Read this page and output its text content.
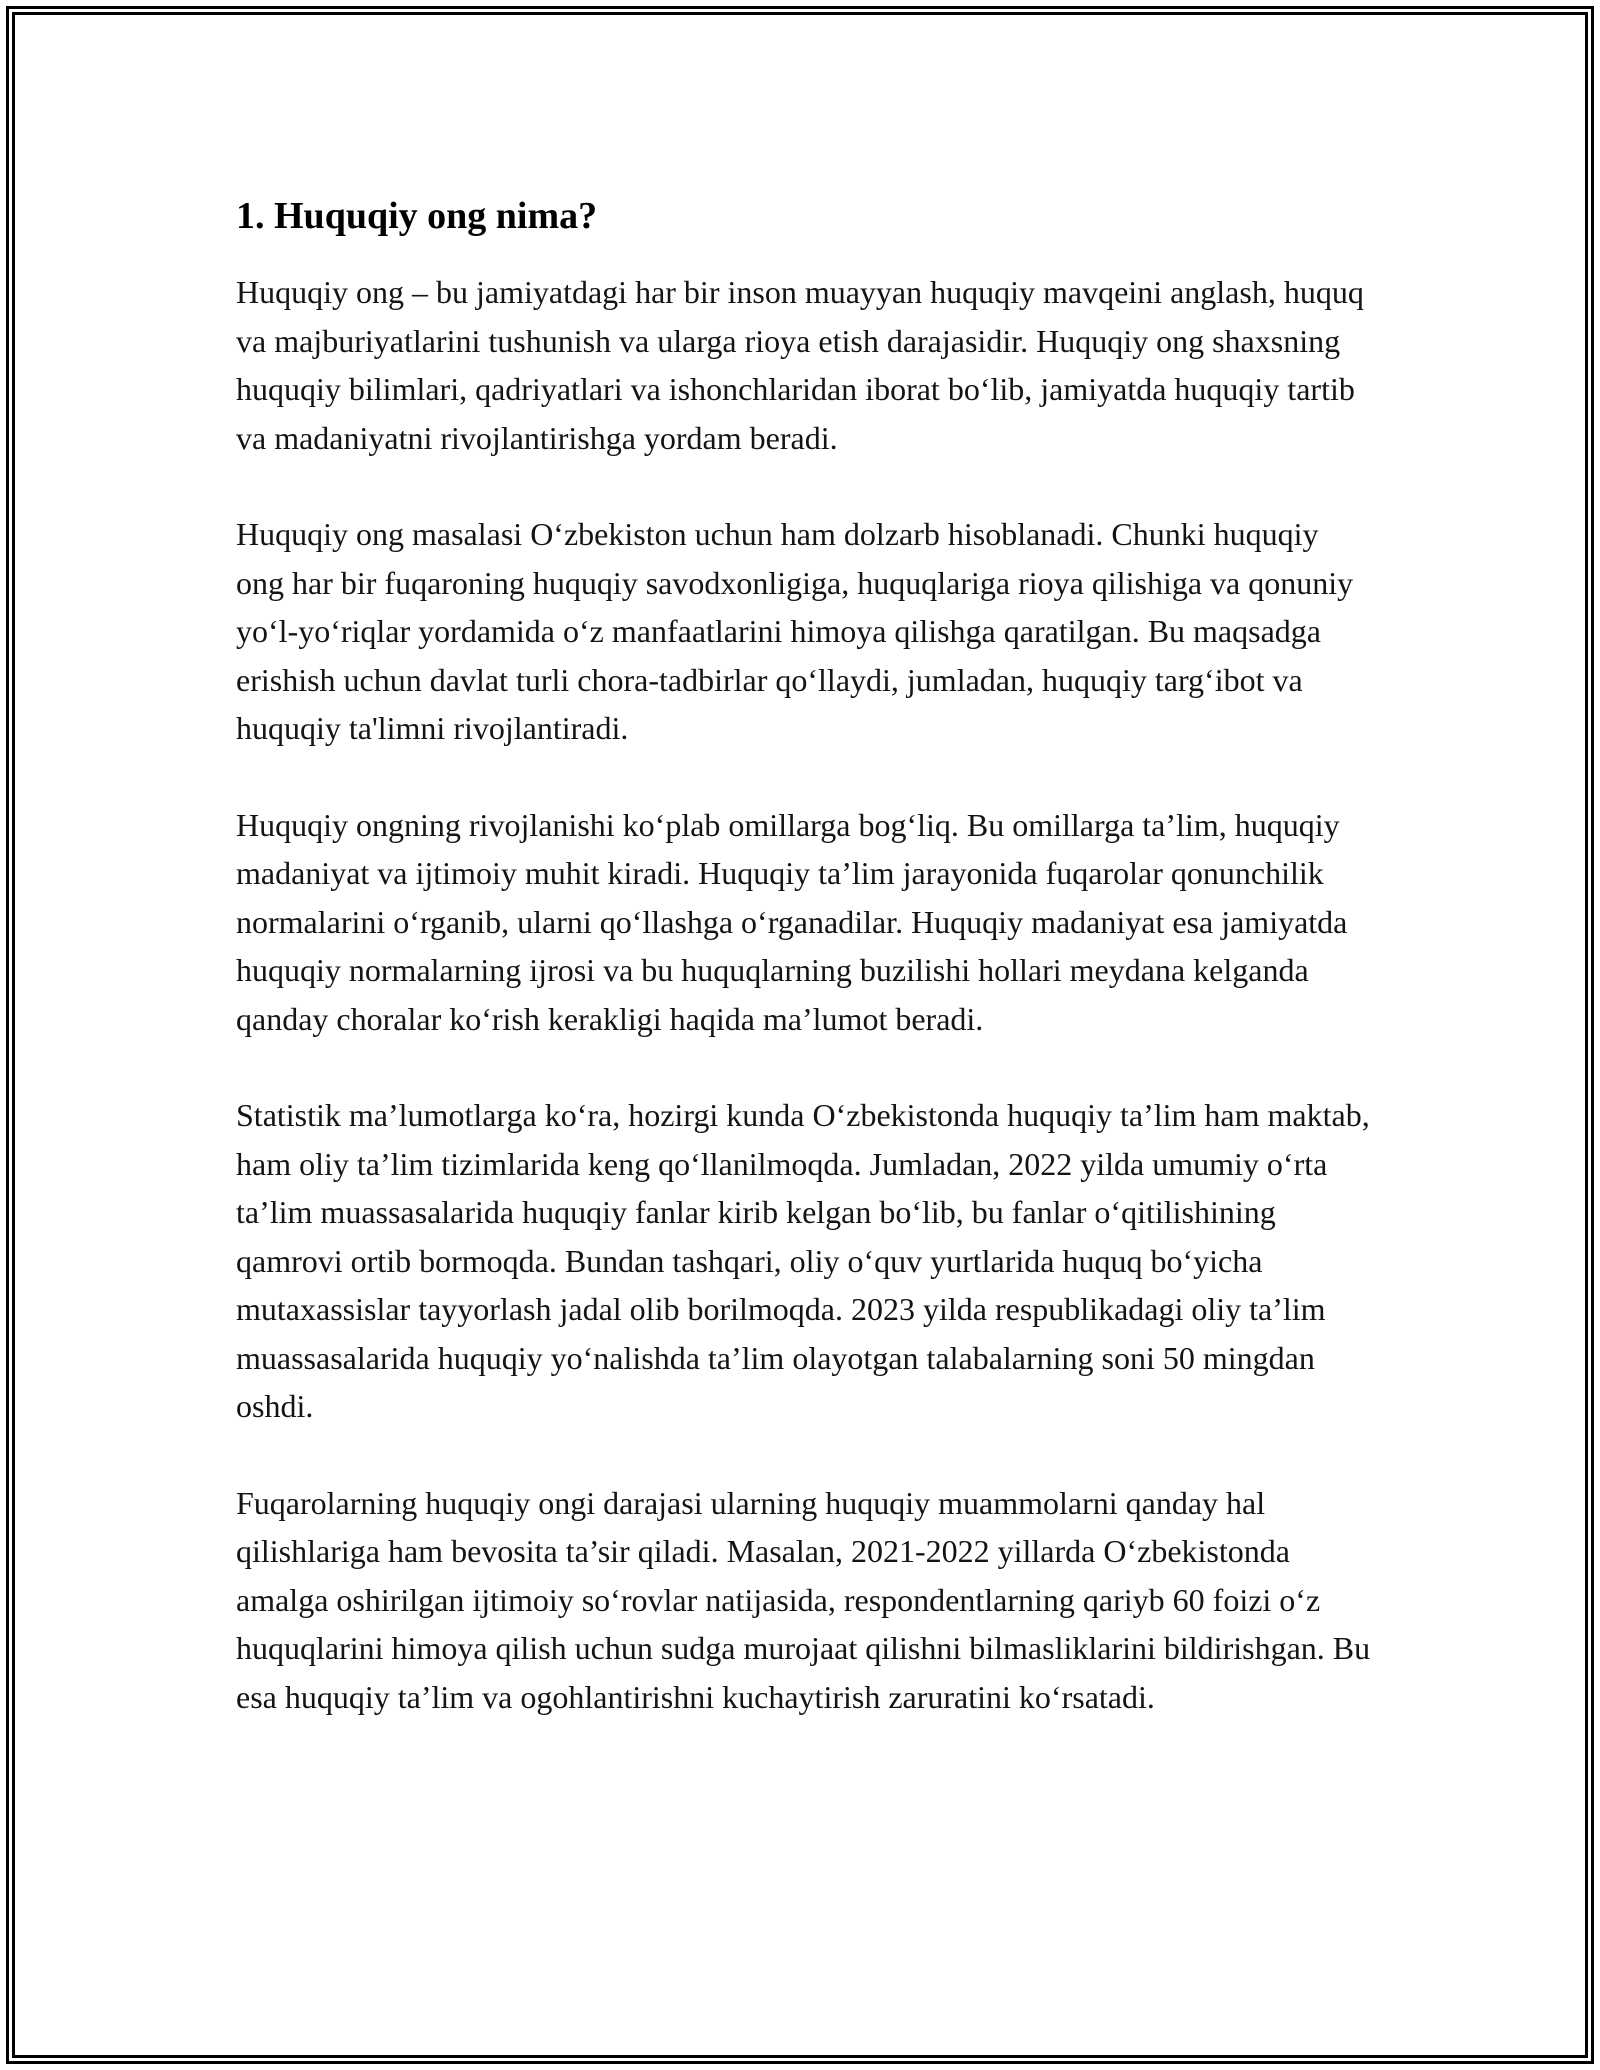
1. Huquqiy ong nima?

Huquqiy ong – bu jamiyatdagi har bir inson muayyan huquqiy mavqeini anglash, huquq va majburiyatlarini tushunish va ularga rioya etish darajasidir. Huquqiy ong shaxsning huquqiy bilimlari, qadriyatlari va ishonchlaridan iborat bo‘lib, jamiyatda huquqiy tartib va madaniyatni rivojlantirishga yordam beradi.

Huquqiy ong masalasi O‘zbekiston uchun ham dolzarb hisoblanadi. Chunki huquqiy ong har bir fuqaroning huquqiy savodxonligiga, huquqlariga rioya qilishiga va qonuniy yo‘l-yo‘riqlar yordamida o‘z manfaatlarini himoya qilishga qaratilgan. Bu maqsadga erishish uchun davlat turli chora-tadbirlar qo‘llaydi, jumladan, huquqiy targ‘ibot va huquqiy ta'limni rivojlantiradi.

Huquqiy ongning rivojlanishi ko‘plab omillarga bog‘liq. Bu omillarga ta’lim, huquqiy madaniyat va ijtimoiy muhit kiradi. Huquqiy ta’lim jarayonida fuqarolar qonunchilik normalarini o‘rganib, ularni qo‘llashga o‘rganadilar. Huquqiy madaniyat esa jamiyatda huquqiy normalarning ijrosi va bu huquqlarning buzilishi hollari meydana kelganda qanday choralar ko‘rish kerakligi haqida ma’lumot beradi.

Statistik ma’lumotlarga ko‘ra, hozirgi kunda O‘zbekistonda huquqiy ta’lim ham maktab, ham oliy ta’lim tizimlarida keng qo‘llanilmoqda. Jumladan, 2022 yilda umumiy o‘rta ta’lim muassasalarida huquqiy fanlar kirib kelgan bo‘lib, bu fanlar o‘qitilishining qamrovi ortib bormoqda. Bundan tashqari, oliy o‘quv yurtlarida huquq bo‘yicha mutaxassislar tayyorlash jadal olib borilmoqda. 2023 yilda respublikadagi oliy ta’lim muassasalarida huquqiy yo‘nalishda ta’lim olayotgan talabalarning soni 50 mingdan oshdi.

Fuqarolarning huquqiy ongi darajasi ularning huquqiy muammolarni qanday hal qilishlariga ham bevosita ta’sir qiladi. Masalan, 2021-2022 yillarda O‘zbekistonda amalga oshirilgan ijtimoiy so‘rovlar natijasida, respondentlarning qariyb 60 foizi o‘z huquqlarini himoya qilish uchun sudga murojaat qilishni bilmasliklarini bildirishgan. Bu esa huquqiy ta’lim va ogohlantirishni kuchaytirish zaruratini ko‘rsatadi.
